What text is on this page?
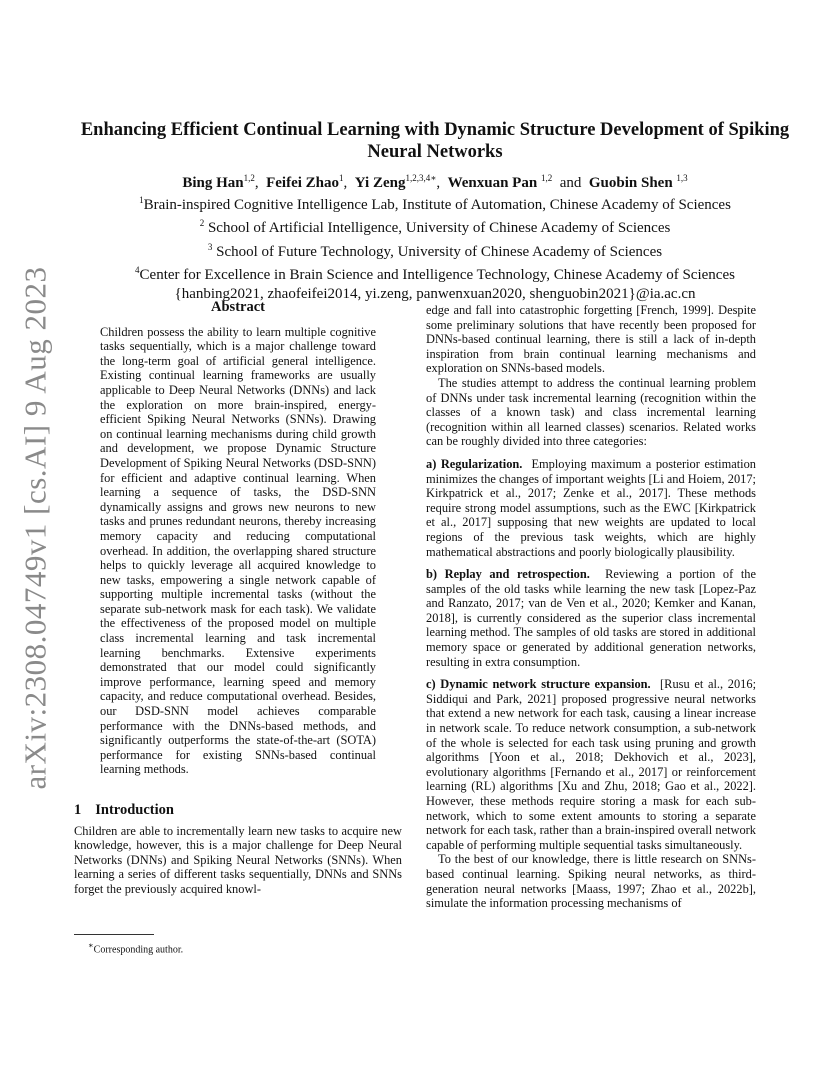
arXiv:2308.04749v1 [cs.AI] 9 Aug 2023
Enhancing Efficient Continual Learning with Dynamic Structure Development of Spiking Neural Networks
Bing Han$^{1,2}$,  Feifei Zhao$^1$,  Yi Zeng$^{1,2,3,4∗}$,  Wenxuan Pan $^{1,2}$ and Guobin Shen $^{1,3}$
$^1$Brain-inspired Cognitive Intelligence Lab, Institute of Automation, Chinese Academy of Sciences
$^2$ School of Artificial Intelligence, University of Chinese Academy of Sciences
$^3$ School of Future Technology, University of Chinese Academy of Sciences
$^4$Center for Excellence in Brain Science and Intelligence Technology, Chinese Academy of Sciences
{hanbing2021, zhaofeifei2014, yi.zeng, panwenxuan2020, shenguobin2021}@ia.ac.cn
Abstract

Children possess the ability to learn multiple cognitive tasks sequentially, which is a major challenge toward the long-term goal of artificial general intelligence. Existing continual learning frameworks are usually applicable to Deep Neural Networks (DNNs) and lack the exploration on more brain-inspired, energy-efficient Spiking Neural Networks (SNNs). Drawing on continual learning mechanisms during child growth and development, we propose Dynamic Structure Development of Spiking Neural Networks (DSD-SNN) for efficient and adaptive continual learning. When learning a sequence of tasks, the DSD-SNN dynamically assigns and grows new neurons to new tasks and prunes redundant neurons, thereby increasing memory capacity and reducing computational overhead. In addition, the overlapping shared structure helps to quickly leverage all acquired knowledge to new tasks, empowering a single network capable of supporting multiple incremental tasks (without the separate sub-network mask for each task). We validate the effectiveness of the proposed model on multiple class incremental learning and task incremental learning benchmarks. Extensive experiments demonstrated that our model could significantly improve performance, learning speed and memory capacity, and reduce computational overhead. Besides, our DSD-SNN model achieves comparable performance with the DNNs-based methods, and significantly outperforms the state-of-the-art (SOTA) performance for existing SNNs-based continual learning methods.

1 Introduction

Children are able to incrementally learn new tasks to acquire new knowledge, however, this is a major challenge for Deep Neural Networks (DNNs) and Spiking Neural Networks (SNNs). When learning a series of different tasks sequentially, DNNs and SNNs forget the previously acquired knowl-

edge and fall into catastrophic forgetting [French, 1999]. Despite some preliminary solutions that have recently been proposed for DNNs-based continual learning, there is still a lack of in-depth inspiration from brain continual learning mechanisms and exploration on SNNs-based models.

The studies attempt to address the continual learning problem of DNNs under task incremental learning (recognition within the classes of a known task) and class incremental learning (recognition within all learned classes) scenarios. Related works can be roughly divided into three categories:

a) Regularization. Employing maximum a posterior estimation minimizes the changes of important weights [Li and Hoiem, 2017; Kirkpatrick et al., 2017; Zenke et al., 2017]. These methods require strong model assumptions, such as the EWC [Kirkpatrick et al., 2017] supposing that new weights are updated to local regions of the previous task weights, which are highly mathematical abstractions and poorly biologically plausibility.

b) Replay and retrospection. Reviewing a portion of the samples of the old tasks while learning the new task [Lopez-Paz and Ranzato, 2017; van de Ven et al., 2020; Kemker and Kanan, 2018], is currently considered as the superior class incremental learning method. The samples of old tasks are stored in additional memory space or generated by additional generation networks, resulting in extra consumption.

c) Dynamic network structure expansion. [Rusu et al., 2016; Siddiqui and Park, 2021] proposed progressive neural networks that extend a new network for each task, causing a linear increase in network scale. To reduce network consumption, a sub-network of the whole is selected for each task using pruning and growth algorithms [Yoon et al., 2018; Dekhovich et al., 2023], evolutionary algorithms [Fernando et al., 2017] or reinforcement learning (RL) algorithms [Xu and Zhu, 2018; Gao et al., 2022]. However, these methods require storing a mask for each sub-network, which to some extent amounts to storing a separate network for each task, rather than a brain-inspired overall network capable of performing multiple sequential tasks simultaneously.

To the best of our knowledge, there is little research on SNNs-based continual learning. Spiking neural networks, as third-generation neural networks [Maass, 1997; Zhao et al., 2022b], simulate the information processing mechanisms of

∗Corresponding author.
